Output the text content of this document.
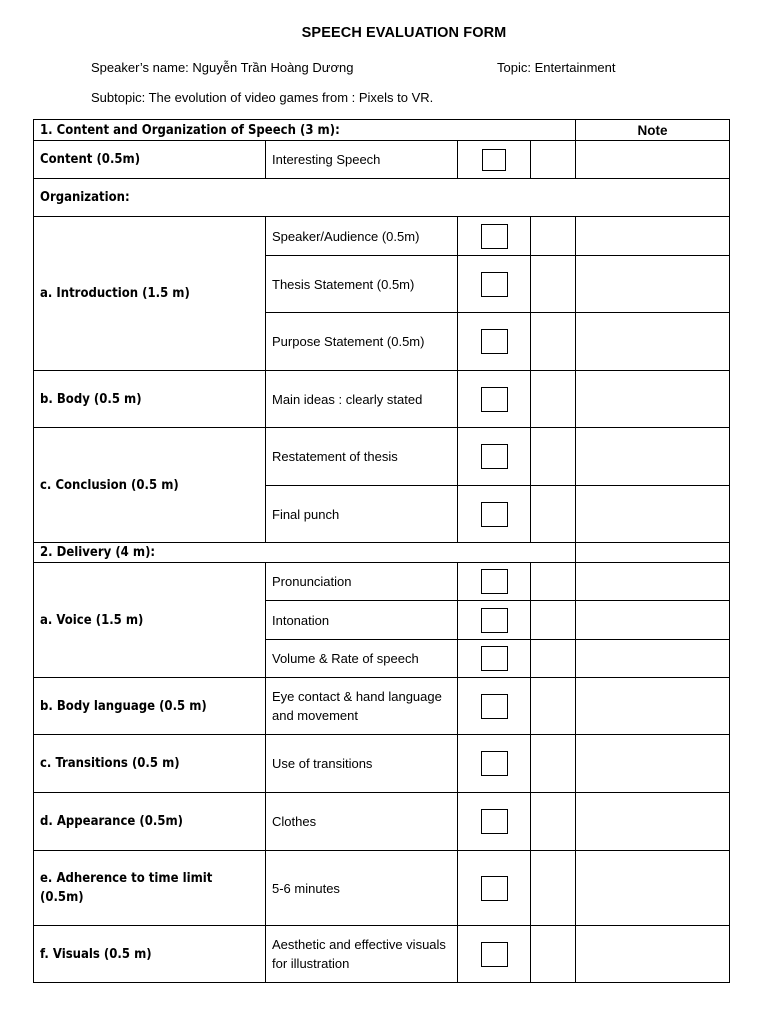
SPEECH EVALUATION FORM
Speaker’s name: Nguyễn Trần Hoàng Dương	Topic: Entertainment
Subtopic: The evolution of video games from : Pixels to VR.
1. Content and Organization of Speech (3 m):				Note
Content (0.5m)	Interesting Speech			
Organization:				
a. Introduction (1.5 m)	Speaker/Audience (0.5m)			
	Thesis Statement (0.5m)			
	Purpose Statement (0.5m)			
b. Body (0.5 m)	Main ideas : clearly stated			
c. Conclusion (0.5 m)	Restatement of thesis			
	Final punch			
2. Delivery (4 m):				
a. Voice (1.5 m)	Pronunciation			
	Intonation			
	Volume & Rate of speech			
b. Body language (0.5 m)	Eye contact & hand language and movement			
c. Transitions (0.5 m)	Use of transitions			
d. Appearance (0.5m)	Clothes			
e. Adherence to time limit (0.5m)	5-6 minutes			
f. Visuals (0.5 m)	Aesthetic and effective visuals for illustration			
